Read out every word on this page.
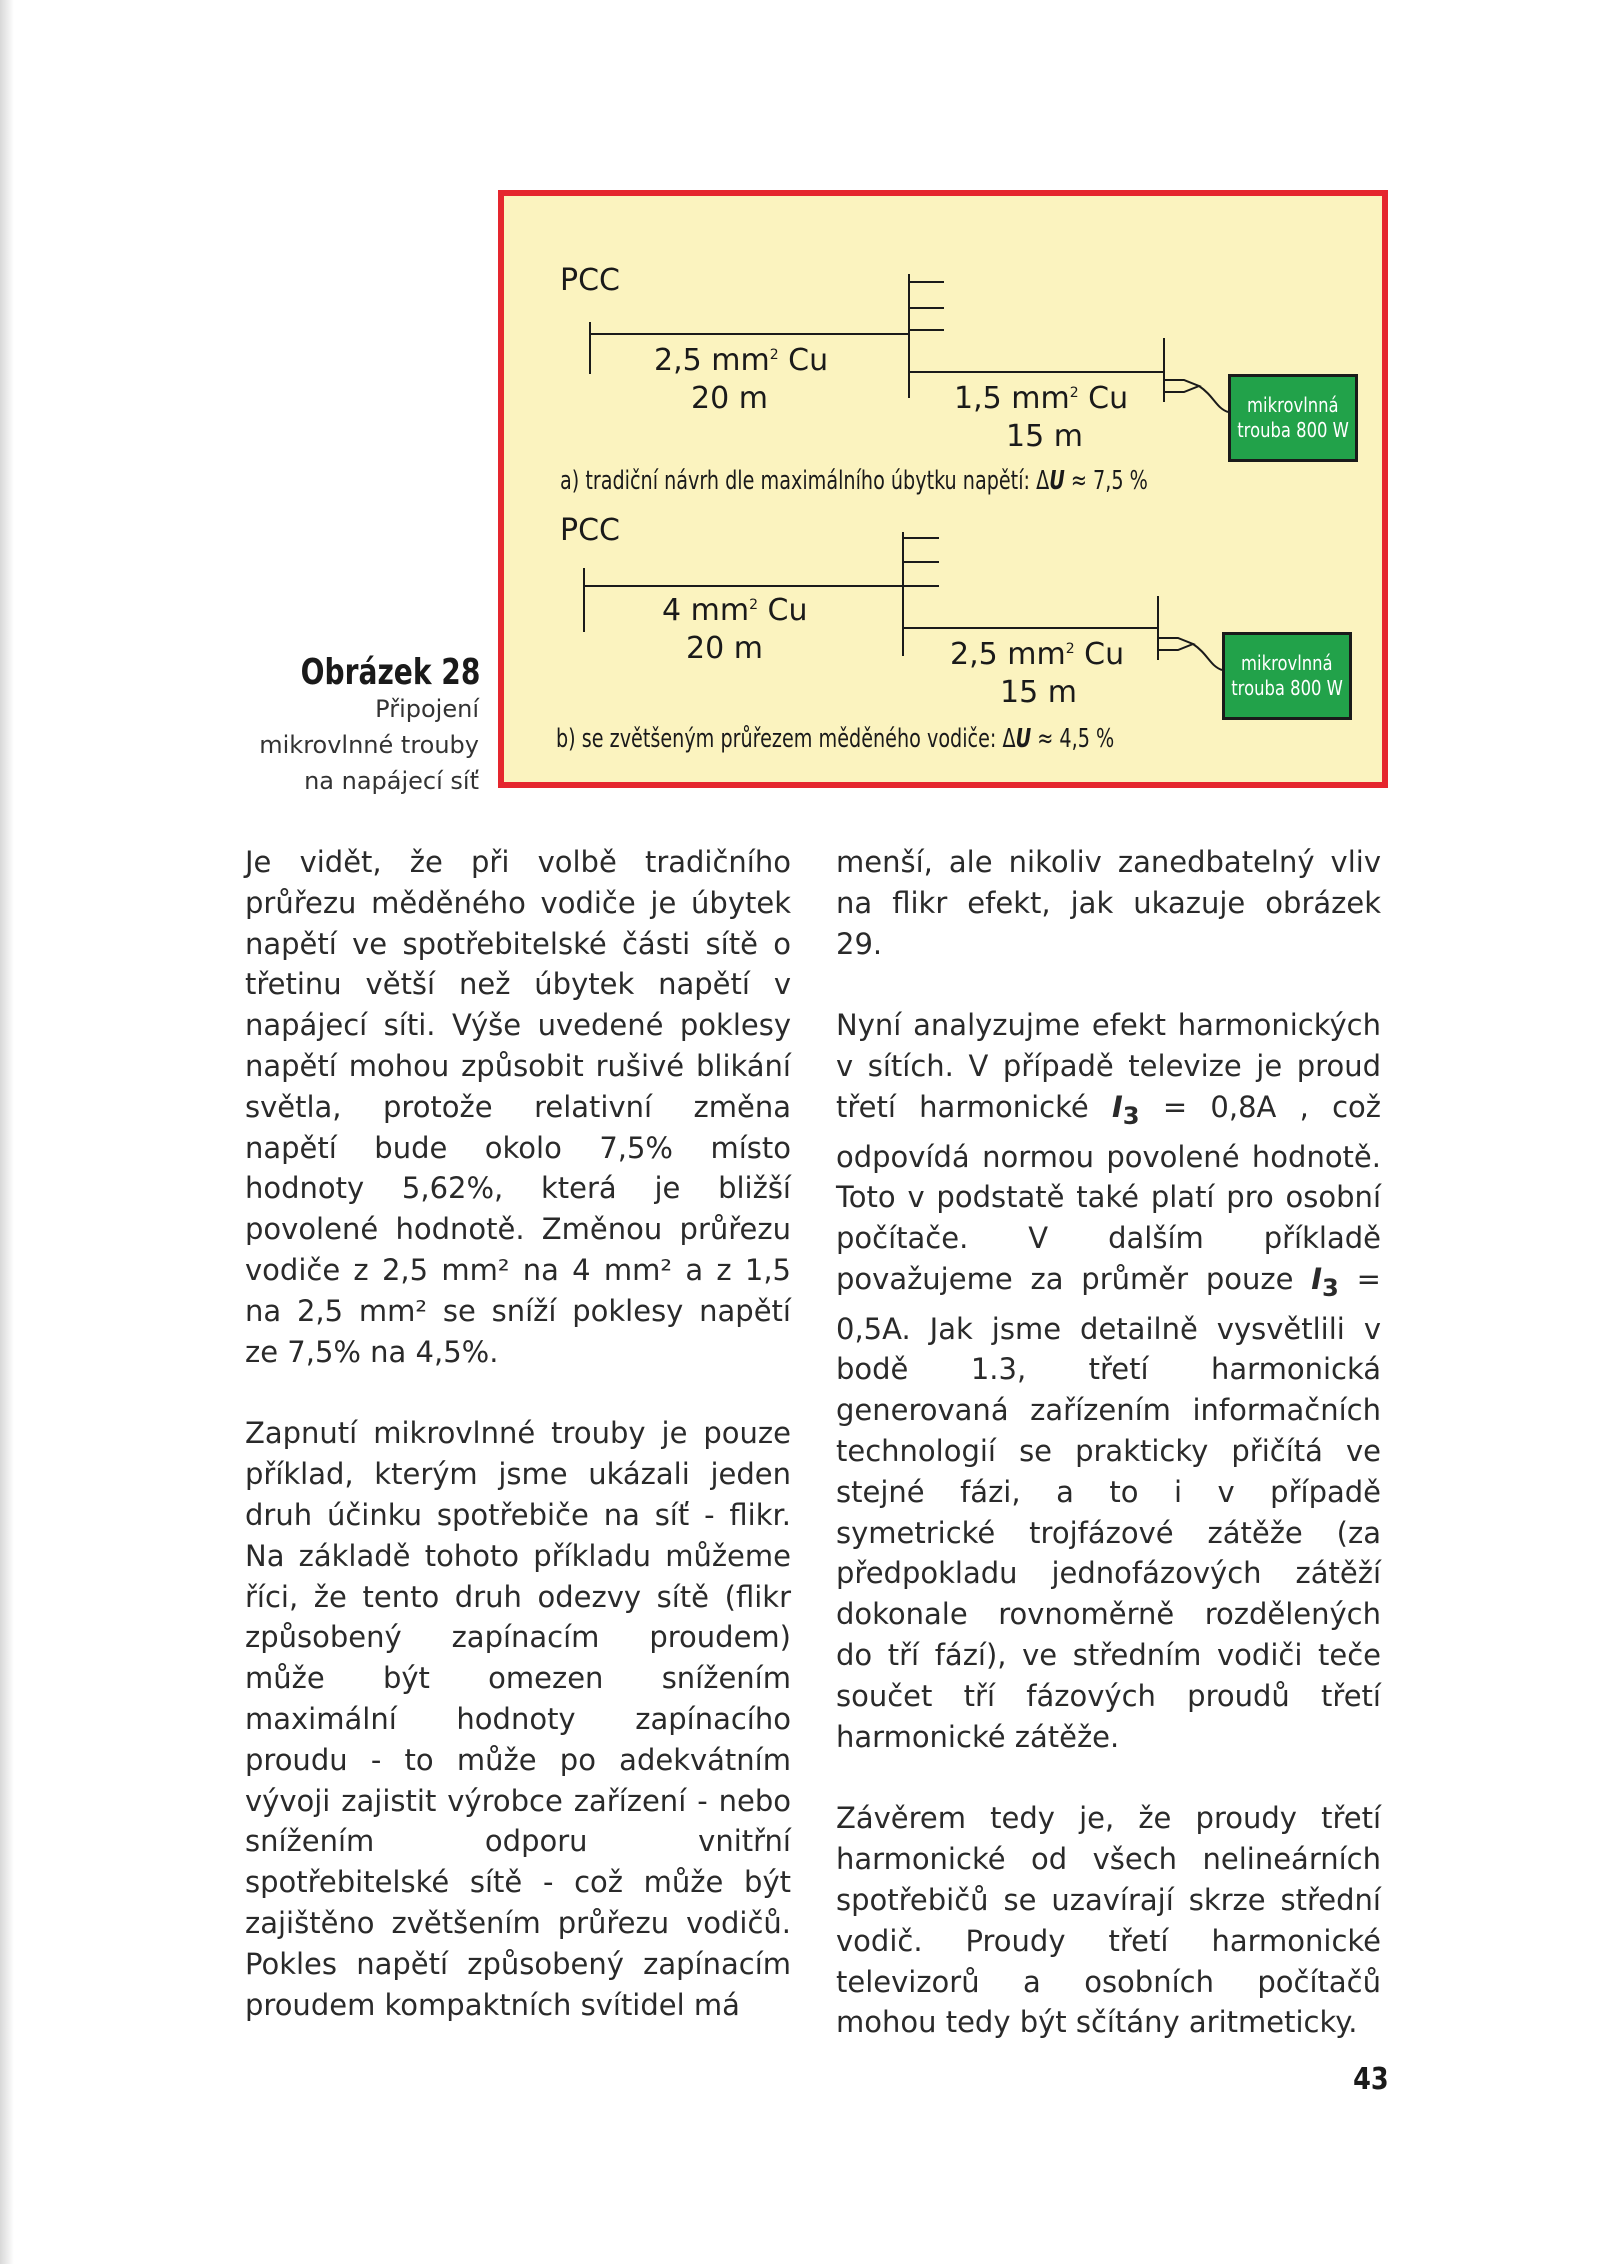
PCC
2,5 $mm^2$ Cu
20 m	1,5 $mm^2$ Cu
15 m
mikrovlnná
trouba 800 W
a) tradiční návrh dle maximálního úbytku napětí: ΔU ≈ 7,5 %
PCC
4 $mm^2$ Cu
20 m	2,5 $mm^2$ Cu
15 m
mikrovlnná
trouba 800 W
b) se zvětšeným průřezem měděného vodiče: ΔU ≈ 4,5 %
Obrázek 28
Připojení
mikrovlnné trouby
na napájecí síť

Je vidět, že při volbě tradičního průřezu měděného vodiče je úbytek napětí ve spotřebitelské části sítě o třetinu větší než úbytek napětí v napájecí síti. Výše uvedené poklesy napětí mohou způsobit rušivé blikání světla, protože relativní změna napětí bude okolo 7,5% místo hodnoty 5,62%, která je bližší povolené hodnotě. Změnou průřezu vodiče z 2,5 mm² na 4 mm² a z 1,5 na 2,5 mm² se sníží poklesy napětí ze 7,5% na 4,5%.

Zapnutí mikrovlnné trouby je pouze příklad, kterým jsme ukázali jeden druh účinku spotřebiče na síť - flikr. Na základě tohoto příkladu můžeme říci, že tento druh odezvy sítě (flikr způsobený zapínacím proudem) může být omezen snížením maximální hodnoty zapínacího proudu - to může po adekvátním vývoji zajistit výrobce zařízení - nebo snížením odporu vnitřní spotřebitelské sítě - což může být zajištěno zvětšením průřezu vodičů. Pokles napětí způsobený zapínacím proudem kompaktních svítidel má

menší, ale nikoliv zanedbatelný vliv na flikr efekt, jak ukazuje obrázek 29.

Nyní analyzujme efekt harmonických v sítích. V případě televize je proud třetí harmonické $I_3 = 0,8A$ , což odpovídá normou povolené hodnotě. Toto v podstatě také platí pro osobní počítače. V dalším příkladě považujeme za průměr pouze $I_3 = 0,5A$. Jak jsme detailně vysvětlili v bodě 1.3, třetí harmonická generovaná zařízením informačních technologií se prakticky přičítá ve stejné fázi, a to i v případě symetrické trojfázové zátěže (za předpokladu jednofázových zátěží dokonale rovnoměrně rozdělených do tří fází), ve středním vodiči teče součet tří fázových proudů třetí harmonické zátěže.

Závěrem tedy je, že proudy třetí harmonické od všech nelineárních spotřebičů se uzavírají skrze střední vodič. Proudy třetí harmonické televizorů a osobních počítačů mohou tedy být sčítány aritmeticky.

43
